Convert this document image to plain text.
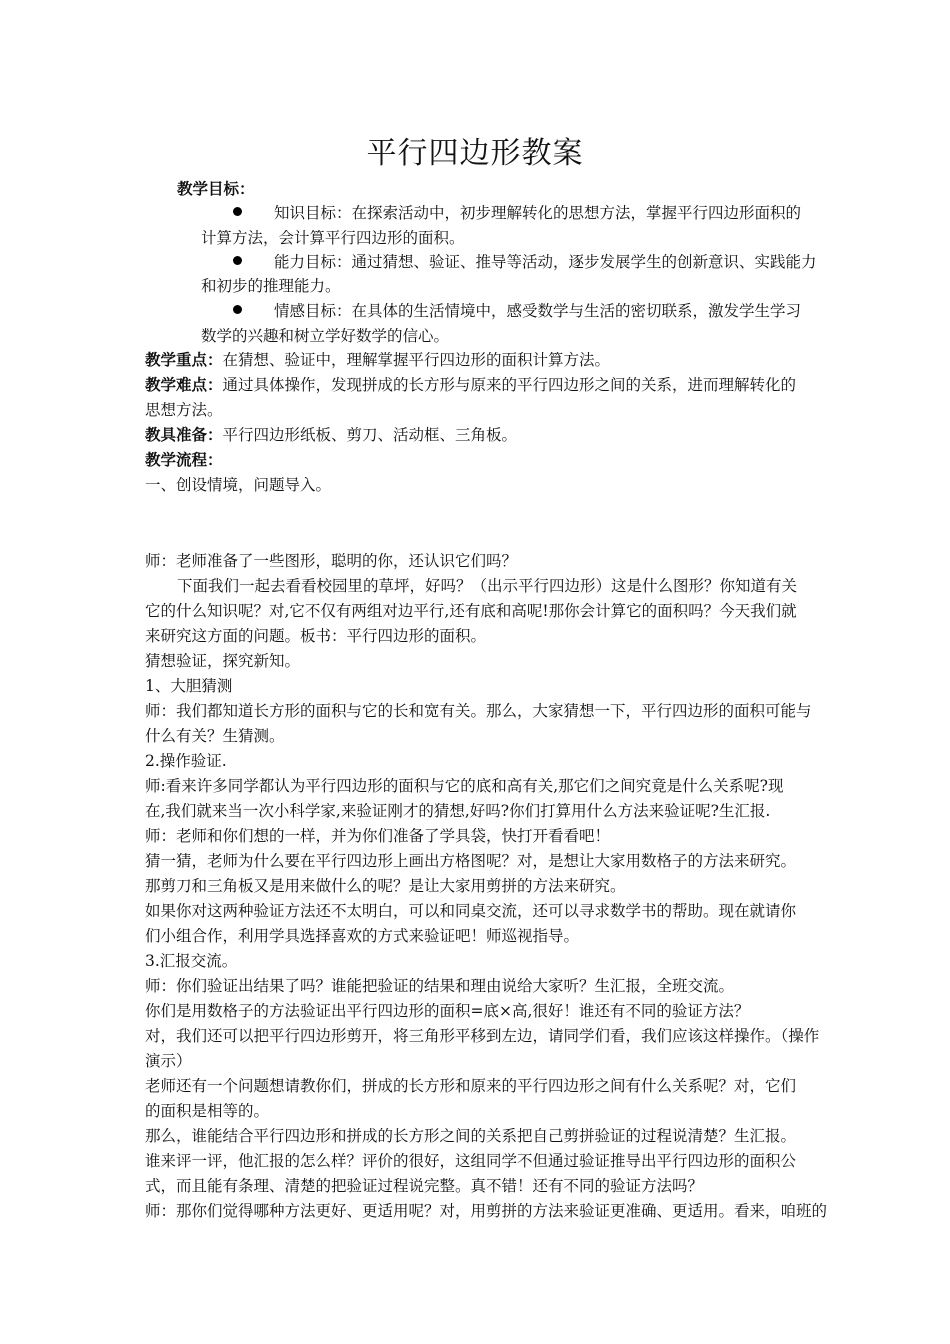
平行四边形教案
教学目标：
知识目标：在探索活动中，初步理解转化的思想方法，掌握平行四边形面积的
计算方法，会计算平行四边形的面积。
能力目标：通过猜想、验证、推导等活动，逐步发展学生的创新意识、实践能力
和初步的推理能力。
情感目标：在具体的生活情境中，感受数学与生活的密切联系，激发学生学习
数学的兴趣和树立学好数学的信心。
教学重点：在猜想、验证中，理解掌握平行四边形的面积计算方法。
教学难点：通过具体操作，发现拼成的长方形与原来的平行四边形之间的关系，进而理解转化的
思想方法。
教具准备：平行四边形纸板、剪刀、活动框、三角板。
教学流程：
一、创设情境，问题导入。
师：老师准备了一些图形，聪明的你，还认识它们吗？
下面我们一起去看看校园里的草坪，好吗？（出示平行四边形）这是什么图形？你知道有关
它的什么知识呢？对,它不仅有两组对边平行,还有底和高呢!那你会计算它的面积吗？今天我们就
来研究这方面的问题。板书：平行四边形的面积。
猜想验证，探究新知。
1、大胆猜测
师：我们都知道长方形的面积与它的长和宽有关。那么，大家猜想一下，平行四边形的面积可能与
什么有关？生猜测。
2.操作验证.
师:看来许多同学都认为平行四边形的面积与它的底和高有关,那它们之间究竟是什么关系呢?现
在,我们就来当一次小科学家,来验证刚才的猜想,好吗?你们打算用什么方法来验证呢?生汇报.
师：老师和你们想的一样，并为你们准备了学具袋，快打开看看吧！
猜一猜，老师为什么要在平行四边形上画出方格图呢？对，是想让大家用数格子的方法来研究。
那剪刀和三角板又是用来做什么的呢？是让大家用剪拼的方法来研究。
如果你对这两种验证方法还不太明白，可以和同桌交流，还可以寻求数学书的帮助。现在就请你
们小组合作，利用学具选择喜欢的方式来验证吧！师巡视指导。
3.汇报交流。
师：你们验证出结果了吗？谁能把验证的结果和理由说给大家听？生汇报，全班交流。
你们是用数格子的方法验证出平行四边形的面积=底×高,很好！谁还有不同的验证方法？
对，我们还可以把平行四边形剪开，将三角形平移到左边，请同学们看，我们应该这样操作。（操作
演示）
老师还有一个问题想请教你们，拼成的长方形和原来的平行四边形之间有什么关系呢？对，它们
的面积是相等的。
那么，谁能结合平行四边形和拼成的长方形之间的关系把自己剪拼验证的过程说清楚？生汇报。
谁来评一评，他汇报的怎么样？评价的很好，这组同学不但通过验证推导出平行四边形的面积公
式，而且能有条理、清楚的把验证过程说完整。真不错！还有不同的验证方法吗？
师：那你们觉得哪种方法更好、更适用呢？对，用剪拼的方法来验证更准确、更适用。看来，咱班的
